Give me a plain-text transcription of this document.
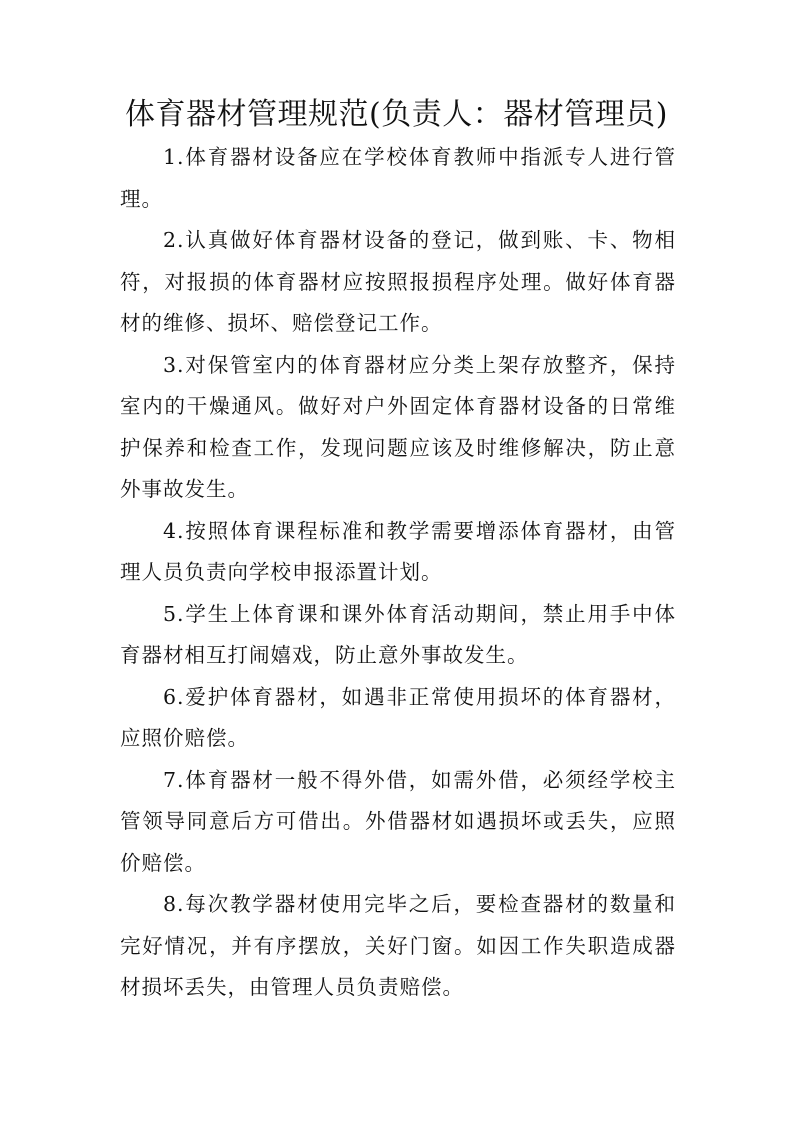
体育器材管理规范(负责人：器材管理员)

1.体育器材设备应在学校体育教师中指派专人进行管理。

2.认真做好体育器材设备的登记，做到账、卡、物相符，对报损的体育器材应按照报损程序处理。做好体育器材的维修、损坏、赔偿登记工作。

3.对保管室内的体育器材应分类上架存放整齐，保持室内的干燥通风。做好对户外固定体育器材设备的日常维护保养和检查工作，发现问题应该及时维修解决，防止意外事故发生。

4.按照体育课程标准和教学需要增添体育器材，由管理人员负责向学校申报添置计划。

5.学生上体育课和课外体育活动期间，禁止用手中体育器材相互打闹嬉戏，防止意外事故发生。

6.爱护体育器材，如遇非正常使用损坏的体育器材，应照价赔偿。

7.体育器材一般不得外借，如需外借，必须经学校主管领导同意后方可借出。外借器材如遇损坏或丢失，应照价赔偿。

8.每次教学器材使用完毕之后，要检查器材的数量和完好情况，并有序摆放，关好门窗。如因工作失职造成器材损坏丢失，由管理人员负责赔偿。
